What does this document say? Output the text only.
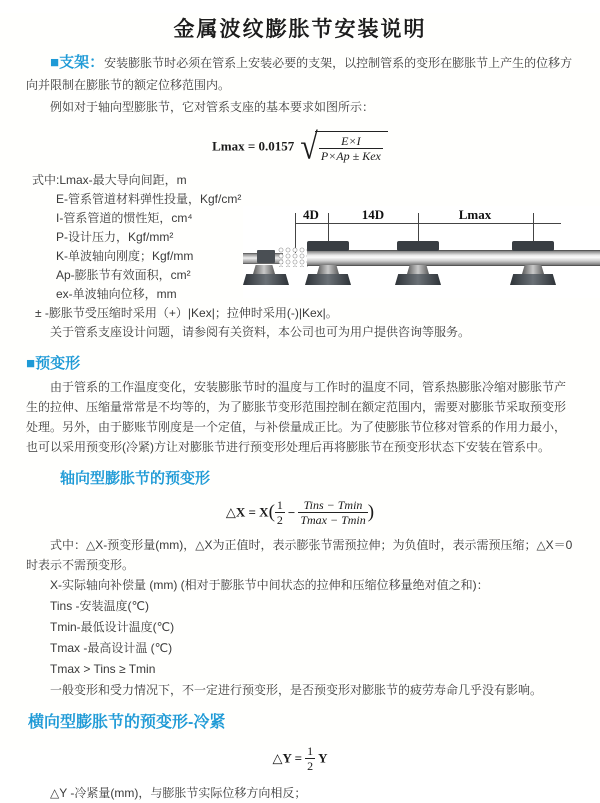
金属波纹膨胀节安装说明

■支架：安装膨胀节时必须在管系上安装必要的支架，以控制管系的变形在膨胀节上产生的位移方向并限制在膨胀节的额定位移范围内。

例如对于轴向型膨胀节，它对管系支座的基本要求如图所示：

Lmax = 0.0157 √ $\frac{E\times I}{\text{P×Ap ± Kex}}$
式中:Lmax-最大导向间距，m
E-管系管道材料弹性投量，Kgf/cm²
I-管系管道的惯性矩，cm⁴
P-设计压力，Kgf/mm²
K-单波轴向刚度；Kgf/mm
Ap-膨胀节有效面积，cm²
ex-单波轴向位移，mm
± -膨胀节受压缩时采用（+）|Kex|；拉伸时采用(-)|Kex|。
关于管系支座设计问题，请参阅有关资料，本公司也可为用户提供咨询等服务。
4D	14D	Lmax
■预变形

由于管系的工作温度变化，安装膨胀节时的温度与工作时的温度不同，管系热膨胀冷缩对膨胀节产生的拉伸、压缩量常常是不均等的，为了膨胀节变形范围控制在额定范围内，需要对膨胀节采取预变形处理。另外，由于膨账节刚度是一个定值，与补偿量成正比。为了使膨胀节位移对管系的作用力最小，也可以采用预变形(冷紧)方让对膨胀节进行预变形处理后再将膨胀节在预变形状态下安装在管系中。

轴向型膨胀节的预变形
△X = $X( \frac{1}{2} - \frac{\text{Tins − Tmin}}{Tmax - Tmin}$ )

式中：△X-预变形量(mm)，△X为正值时，表示膨张节需预拉伸；为负值时，表示需预压缩；△X＝0时表示不需预变形。

X-实际轴向补偿量 (mm) (相对于膨胀节中间状态的拉伸和压缩位移量绝对值之和)：

Tins -安装温度(℃)

Tmin-最低设计温度(℃)

Tmax -最高设计温 (℃)

Tmax > Tins ≥ Tmin

一般变形和受力情况下，不一定进行预变形，是否预变形对膨胀节的疲劳寿命几乎没有影响。

横向型膨胀节的预变形-冷紧
△Y = $\frac{1}{2}$ Y

△Y -冷紧量(mm)，与膨胀节实际位移方向相反；
